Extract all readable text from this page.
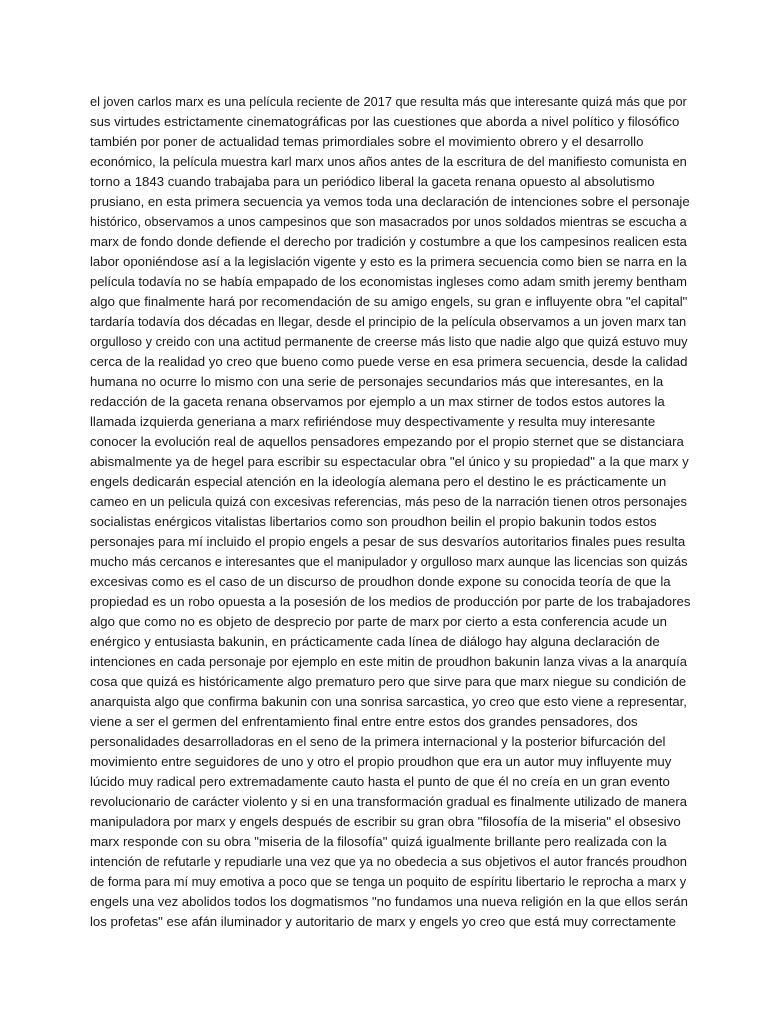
el joven carlos marx es una película reciente de 2017 que resulta más que interesante quizá más que por
sus virtudes estrictamente cinematográficas por las cuestiones que aborda a nivel político y filosófico
también por poner de actualidad temas primordiales sobre el movimiento obrero y el desarrollo
económico, la película muestra karl marx unos años antes de la escritura de del manifiesto comunista en
torno a 1843 cuando trabajaba para un periódico liberal la gaceta renana opuesto al absolutismo
prusiano, en esta primera secuencia ya vemos toda una declaración de intenciones sobre el personaje
histórico, observamos a unos campesinos que son masacrados por unos soldados mientras se escucha a
marx de fondo donde defiende el derecho por tradición y costumbre a que los campesinos realicen esta
labor oponiéndose así a la legislación vigente y esto es la primera secuencia como bien se narra en la
película todavía no se había empapado de los economistas ingleses como adam smith jeremy bentham
algo que finalmente hará por recomendación de su amigo engels, su gran e influyente obra "el capital"
tardaría todavía dos décadas en llegar, desde el principio de la película observamos a un joven marx tan
orgulloso y creido con una actitud permanente de creerse más listo que nadie algo que quizá estuvo muy
cerca de la realidad yo creo que bueno como puede verse en esa primera secuencia, desde la calidad
humana no ocurre lo mismo con una serie de personajes secundarios más que interesantes, en la
redacción de la gaceta renana observamos por ejemplo a un max stirner de todos estos autores la
llamada izquierda generiana a marx refiriéndose muy despectivamente y resulta muy interesante
conocer la evolución real de aquellos pensadores empezando por el propio sternet que se distanciara
abismalmente ya de hegel para escribir su espectacular obra "el único y su propiedad" a la que marx y
engels dedicarán especial atención en la ideología alemana pero el destino le es prácticamente un
cameo en un pelicula quizá con excesivas referencias, más peso de la narración tienen otros personajes
socialistas enérgicos vitalistas libertarios como son proudhon beilin el propio bakunin todos estos
personajes para mí incluido el propio engels a pesar de sus desvaríos autoritarios finales pues resulta
mucho más cercanos e interesantes que el manipulador y orgulloso marx aunque las licencias son quizás
excesivas como es el caso de un discurso de proudhon donde expone su conocida teoría de que la
propiedad es un robo opuesta a la posesión de los medios de producción por parte de los trabajadores
algo que como no es objeto de desprecio por parte de marx por cierto a esta conferencia acude un
enérgico y entusiasta bakunin, en prácticamente cada línea de diálogo hay alguna declaración de
intenciones en cada personaje por ejemplo en este mitin de proudhon bakunin lanza vivas a la anarquía
cosa que quizá es históricamente algo prematuro pero que sirve para que marx niegue su condición de
anarquista algo que confirma bakunin con una sonrisa sarcastica, yo creo que esto viene a representar,
viene a ser el germen del enfrentamiento final entre entre estos dos grandes pensadores, dos
personalidades desarrolladoras en el seno de la primera internacional y la posterior bifurcación del
movimiento entre seguidores de uno y otro el propio proudhon que era un autor muy influyente muy
lúcido muy radical pero extremadamente cauto hasta el punto de que él no creía en un gran evento
revolucionario de carácter violento y si en una transformación gradual es finalmente utilizado de manera
manipuladora por marx y engels después de escribir su gran obra "filosofía de la miseria" el obsesivo
marx responde con su obra "miseria de la filosofía" quizá igualmente brillante pero realizada con la
intención de refutarle y repudiarle una vez que ya no obedecia a sus objetivos el autor francés proudhon
de forma para mí muy emotiva a poco que se tenga un poquito de espíritu libertario le reprocha a marx y
engels una vez abolidos todos los dogmatismos "no fundamos una nueva religión en la que ellos serán
los profetas" ese afán iluminador y autoritario de marx y engels yo creo que está muy correctamente
